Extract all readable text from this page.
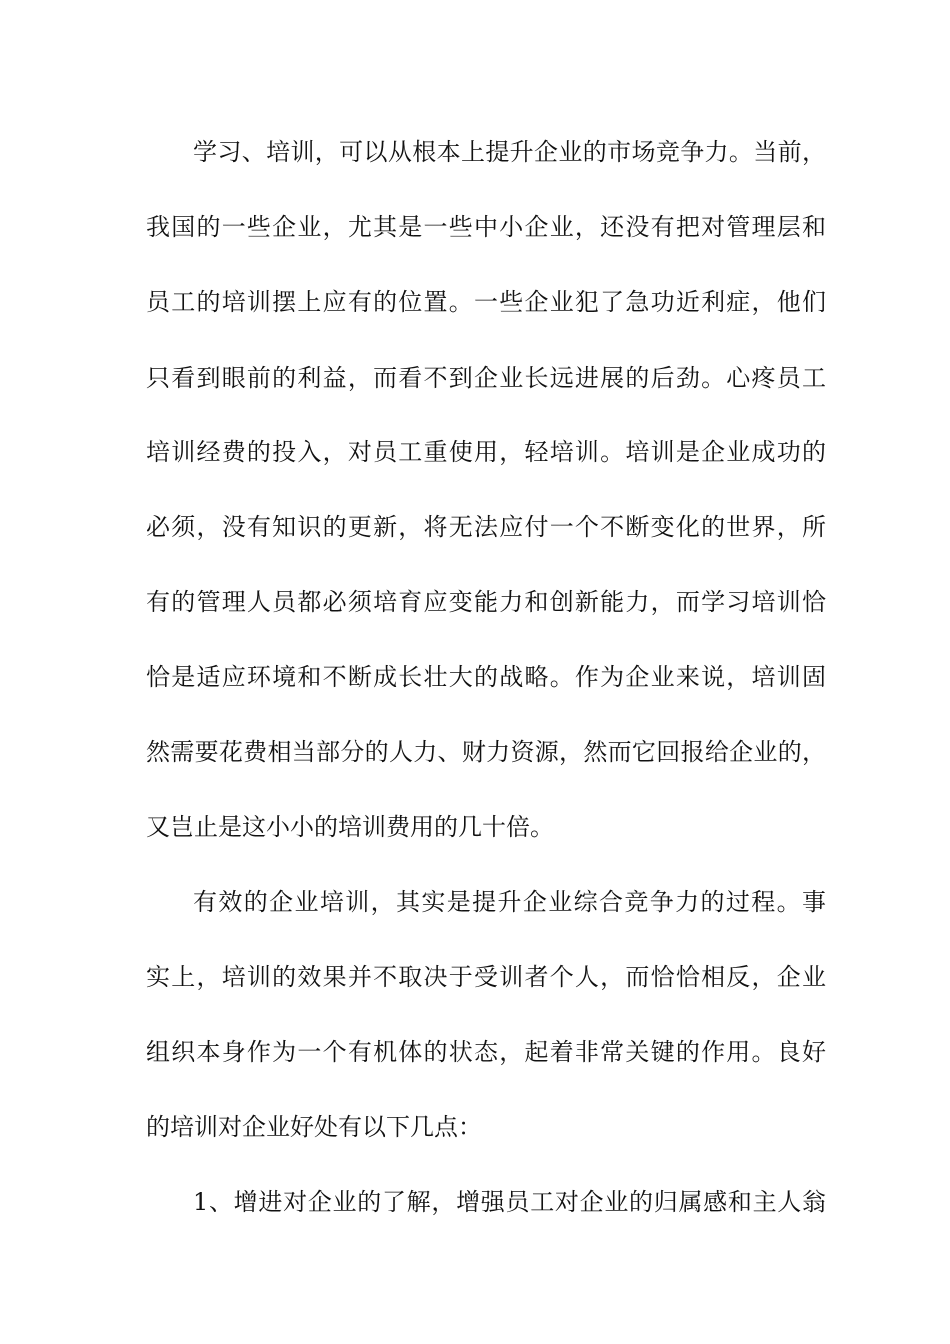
学习、培训，可以从根本上提升企业的市场竞争力。当前，
我国的一些企业，尤其是一些中小企业，还没有把对管理层和
员工的培训摆上应有的位置。一些企业犯了急功近利症，他们
只看到眼前的利益，而看不到企业长远进展的后劲。心疼员工
培训经费的投入，对员工重使用，轻培训。培训是企业成功的
必须，没有知识的更新，将无法应付一个不断变化的世界，所
有的管理人员都必须培育应变能力和创新能力，而学习培训恰
恰是适应环境和不断成长壮大的战略。作为企业来说，培训固
然需要花费相当部分的人力、财力资源，然而它回报给企业的，
又岂止是这小小的培训费用的几十倍。
有效的企业培训，其实是提升企业综合竞争力的过程。事
实上，培训的效果并不取决于受训者个人，而恰恰相反，企业
组织本身作为一个有机体的状态，起着非常关键的作用。良好
的培训对企业好处有以下几点：
1、增进对企业的了解，增强员工对企业的归属感和主人翁
